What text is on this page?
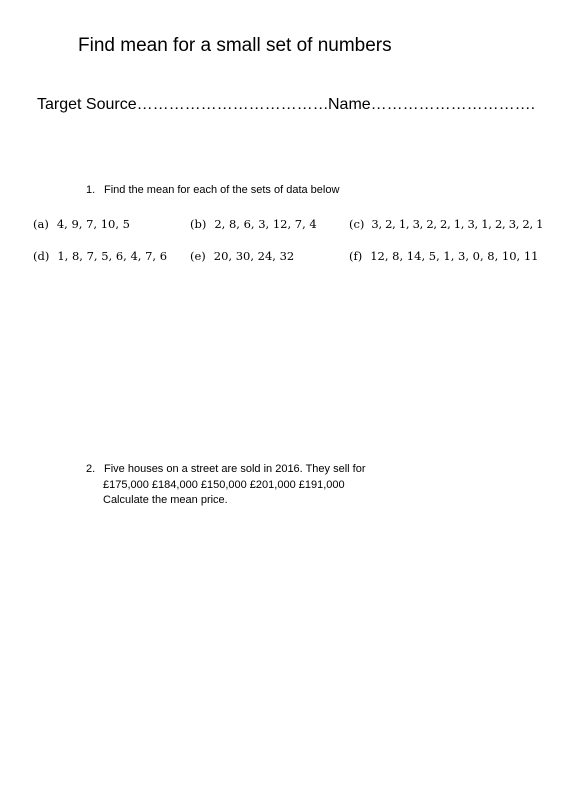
Find mean for a small set of numbers
Target Source……………………………… Name………………………….
1. Find the mean for each of the sets of data below
(a) 4, 9, 7, 10, 5	(b) 2, 8, 6, 3, 12, 7, 4	(c) 3, 2, 1, 3, 2, 2, 1, 3, 1, 2, 3, 2, 1
(d) 1, 8, 7, 5, 6, 4, 7, 6 (e) 20, 30, 24, 32	(f) 12, 8, 14, 5, 1, 3, 0, 8, 10, 11
2. Five houses on a street are sold in 2016. They sell for
£175,000 £184,000 £150,000 £201,000 £191,000
Calculate the mean price.
